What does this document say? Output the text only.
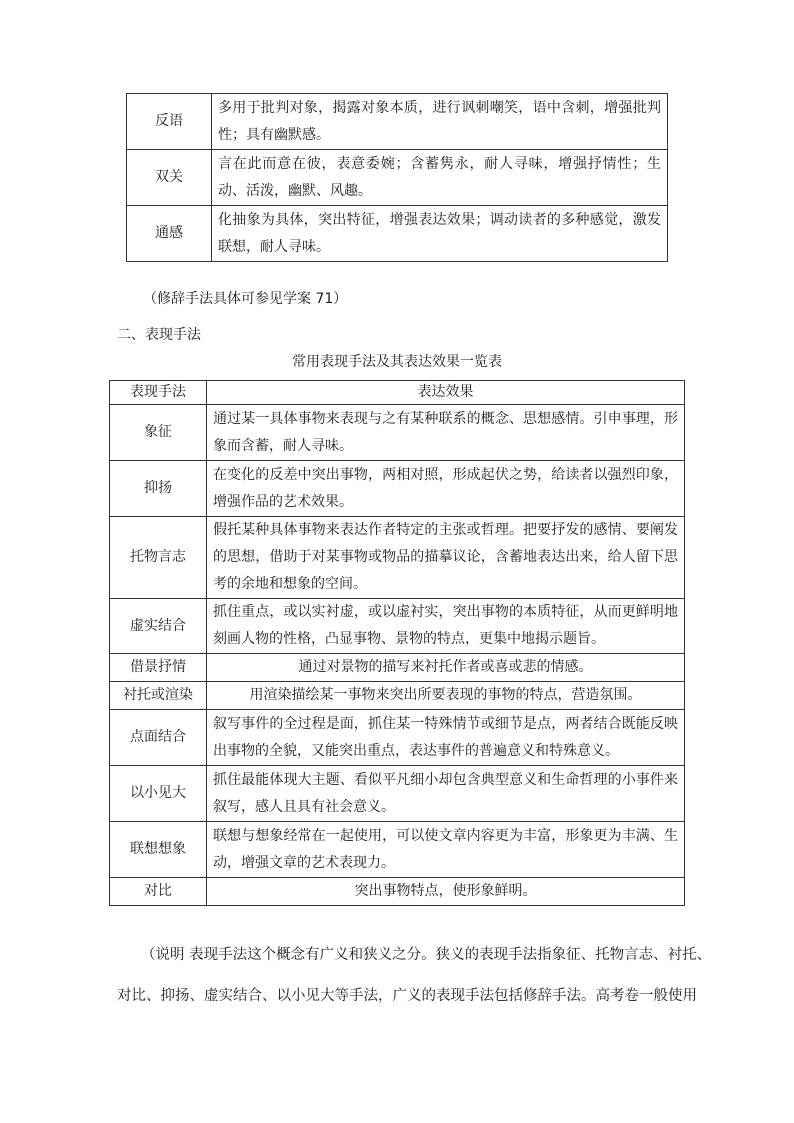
反语	多用于批判对象，揭露对象本质，进行讽刺嘲笑，语中含刺，增强批判性；具有幽默感。
双关	言在此而意在彼，表意委婉；含蓄隽永，耐人寻味，增强抒情性；生动、活泼，幽默、风趣。
通感	化抽象为具体，突出特征，增强表达效果；调动读者的多种感觉，激发联想，耐人寻味。
（修辞手法具体可参见学案 71）
二、表现手法
常用表现手法及其表达效果一览表
表现手法	表达效果
象征	通过某一具体事物来表现与之有某种联系的概念、思想感情。引申事理，形象而含蓄，耐人寻味。
抑扬	在变化的反差中突出事物，两相对照，形成起伏之势，给读者以强烈印象，增强作品的艺术效果。
托物言志	假托某种具体事物来表达作者特定的主张或哲理。把要抒发的感情、要阐发的思想，借助于对某事物或物品的描摹议论，含蓄地表达出来，给人留下思考的余地和想象的空间。
虚实结合	抓住重点，或以实衬虚，或以虚衬实，突出事物的本质特征，从而更鲜明地刻画人物的性格，凸显事物、景物的特点，更集中地揭示题旨。
借景抒情	通过对景物的描写来衬托作者或喜或悲的情感。
衬托或渲染	用渲染描绘某一事物来突出所要表现的事物的特点，营造氛围。
点面结合	叙写事件的全过程是面，抓住某一特殊情节或细节是点，两者结合既能反映出事物的全貌，又能突出重点，表达事件的普遍意义和特殊意义。
以小见大	抓住最能体现大主题、看似平凡细小却包含典型意义和生命哲理的小事件来叙写，感人且具有社会意义。
联想想象	联想与想象经常在一起使用，可以使文章内容更为丰富，形象更为丰满、生动，增强文章的艺术表现力。
对比	突出事物特点，使形象鲜明。
（说明 表现手法这个概念有广义和狭义之分。狭义的表现手法指象征、托物言志、衬托、
对比、抑扬、虚实结合、以小见大等手法，广义的表现手法包括修辞手法。高考卷一般使用
